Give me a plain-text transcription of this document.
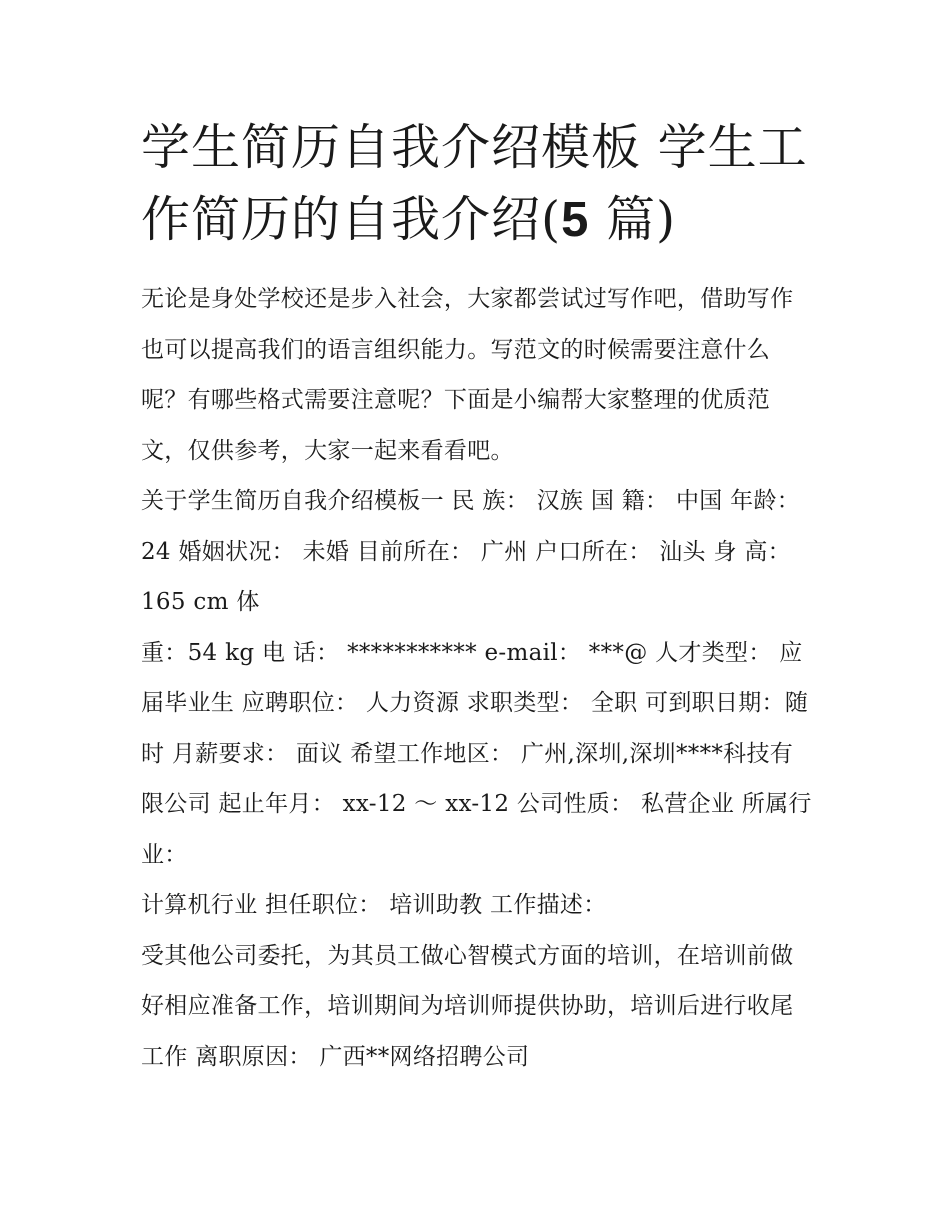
学生简历自我介绍模板 学生工作简历的自我介绍(5 篇)

无论是身处学校还是步入社会，大家都尝试过写作吧，借助写作也可以提高我们的语言组织能力。写范文的时候需要注意什么呢？有哪些格式需要注意呢？下面是小编帮大家整理的优质范文，仅供参考，大家一起来看看吧。

关于学生简历自我介绍模板一 民 族： 汉族 国 籍： 中国 年龄： 24 婚姻状况： 未婚 目前所在： 广州 户口所在： 汕头 身 高： 165 cm 体

重：54 kg 电 话： *********** e-mail： ***@ 人才类型： 应届毕业生 应聘职位： 人力资源 求职类型： 全职 可到职日期：随时 月薪要求： 面议 希望工作地区： 广州,深圳,深圳****科技有限公司 起止年月： xx-12 ～ xx-12 公司性质： 私营企业 所属行业：

计算机行业 担任职位： 培训助教 工作描述：

受其他公司委托，为其员工做心智模式方面的培训，在培训前做好相应准备工作，培训期间为培训师提供协助，培训后进行收尾工作 离职原因： 广西**网络招聘公司
